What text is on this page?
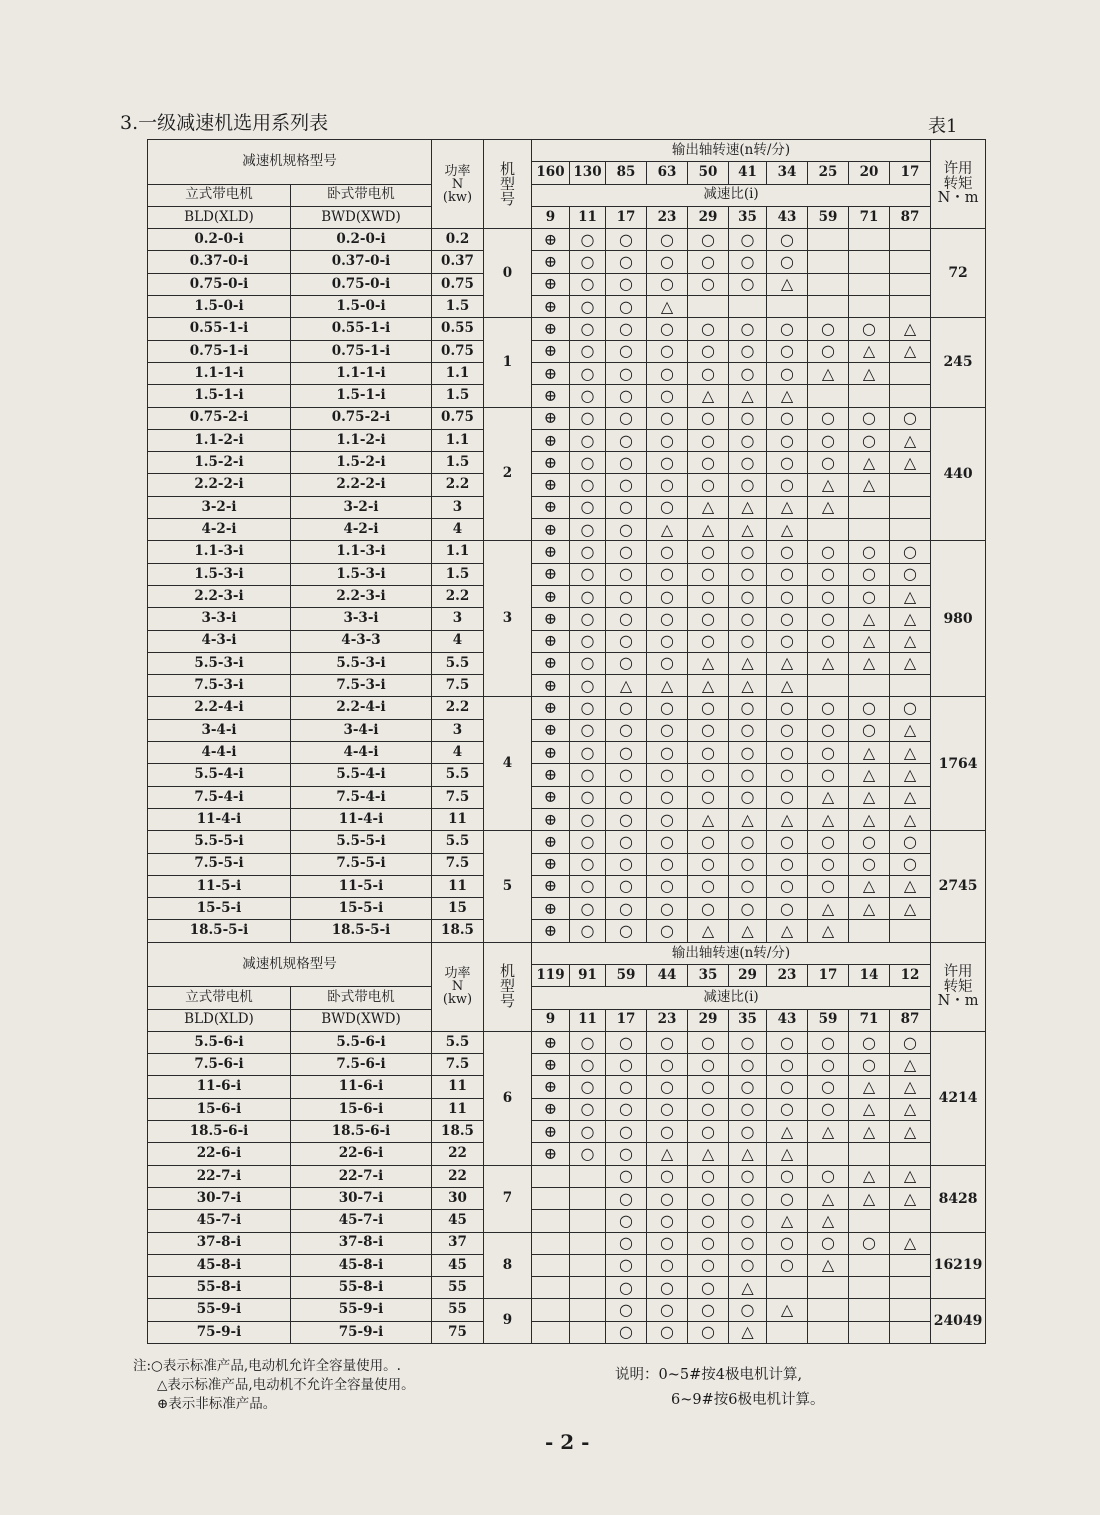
3.一级减速机选用系列表	表1
减速机规格型号		功率
N
(kw)	机
型
号	输出轴转速(n转/分)										许用
转矩
N・m
				160	130	85	63	50	41	34	25	20	17	
立式带电机	卧式带电机			减速比(i)										
BLD(XLD)	BWD(XWD)			9	11	17	23	29	35	43	59	71	87	
0.2-0-i	0.2-0-i	0.2	0	⊕	○	○	○	○	○	○				72
0.37-0-i	0.37-0-i	0.37		⊕	○	○	○	○	○	○				
0.75-0-i	0.75-0-i	0.75		⊕	○	○	○	○	○	△				
1.5-0-i	1.5-0-i	1.5		⊕	○	○	△							
0.55-1-i	0.55-1-i	0.55	1	⊕	○	○	○	○	○	○	○	○	△	245
0.75-1-i	0.75-1-i	0.75		⊕	○	○	○	○	○	○	○	△	△	
1.1-1-i	1.1-1-i	1.1		⊕	○	○	○	○	○	○	△	△		
1.5-1-i	1.5-1-i	1.5		⊕	○	○	○	△	△	△				
0.75-2-i	0.75-2-i	0.75	2	⊕	○	○	○	○	○	○	○	○	○	440
1.1-2-i	1.1-2-i	1.1		⊕	○	○	○	○	○	○	○	○	△	
1.5-2-i	1.5-2-i	1.5		⊕	○	○	○	○	○	○	○	△	△	
2.2-2-i	2.2-2-i	2.2		⊕	○	○	○	○	○	○	△	△		
3-2-i	3-2-i	3		⊕	○	○	○	△	△	△	△			
4-2-i	4-2-i	4		⊕	○	○	△	△	△	△				
1.1-3-i	1.1-3-i	1.1	3	⊕	○	○	○	○	○	○	○	○	○	980
1.5-3-i	1.5-3-i	1.5		⊕	○	○	○	○	○	○	○	○	○	
2.2-3-i	2.2-3-i	2.2		⊕	○	○	○	○	○	○	○	○	△	
3-3-i	3-3-i	3		⊕	○	○	○	○	○	○	○	△	△	
4-3-i	4-3-3	4		⊕	○	○	○	○	○	○	○	△	△	
5.5-3-i	5.5-3-i	5.5		⊕	○	○	○	△	△	△	△	△	△	
7.5-3-i	7.5-3-i	7.5		⊕	○	△	△	△	△	△				
2.2-4-i	2.2-4-i	2.2	4	⊕	○	○	○	○	○	○	○	○	○	1764
3-4-i	3-4-i	3		⊕	○	○	○	○	○	○	○	○	△	
4-4-i	4-4-i	4		⊕	○	○	○	○	○	○	○	△	△	
5.5-4-i	5.5-4-i	5.5		⊕	○	○	○	○	○	○	○	△	△	
7.5-4-i	7.5-4-i	7.5		⊕	○	○	○	○	○	○	△	△	△	
11-4-i	11-4-i	11		⊕	○	○	○	△	△	△	△	△	△	
5.5-5-i	5.5-5-i	5.5	5	⊕	○	○	○	○	○	○	○	○	○	2745
7.5-5-i	7.5-5-i	7.5		⊕	○	○	○	○	○	○	○	○	○	
11-5-i	11-5-i	11		⊕	○	○	○	○	○	○	○	△	△	
15-5-i	15-5-i	15		⊕	○	○	○	○	○	○	△	△	△	
18.5-5-i	18.5-5-i	18.5		⊕	○	○	○	△	△	△	△			
减速机规格型号		功率
N
(kw)	机
型
号	输出轴转速(n转/分)										许用
转矩
N・m
				119	91	59	44	35	29	23	17	14	12	
立式带电机	卧式带电机			减速比(i)										
BLD(XLD)	BWD(XWD)			9	11	17	23	29	35	43	59	71	87	
5.5-6-i	5.5-6-i	5.5	6	⊕	○	○	○	○	○	○	○	○	○	4214
7.5-6-i	7.5-6-i	7.5		⊕	○	○	○	○	○	○	○	○	△	
11-6-i	11-6-i	11		⊕	○	○	○	○	○	○	○	△	△	
15-6-i	15-6-i	11		⊕	○	○	○	○	○	○	○	△	△	
18.5-6-i	18.5-6-i	18.5		⊕	○	○	○	○	○	△	△	△	△	
22-6-i	22-6-i	22		⊕	○	○	△	△	△	△				
22-7-i	22-7-i	22	7			○	○	○	○	○	○	△	△	8428
30-7-i	30-7-i	30				○	○	○	○	○	△	△	△	
45-7-i	45-7-i	45				○	○	○	○	△	△			
37-8-i	37-8-i	37	8			○	○	○	○	○	○	○	△	16219
45-8-i	45-8-i	45				○	○	○	○	○	△			
55-8-i	55-8-i	55				○	○	○	△					
55-9-i	55-9-i	55	9			○	○	○	○	△				24049
75-9-i	75-9-i	75				○	○	○	△					
注:○表示标准产品,电动机允许全容量使用。.
△表示标准产品,电动机不允许全容量使用。
⊕表示非标准产品。
说明：0~5#按4极电机计算,
6~9#按6极电机计算。
- 2 -
